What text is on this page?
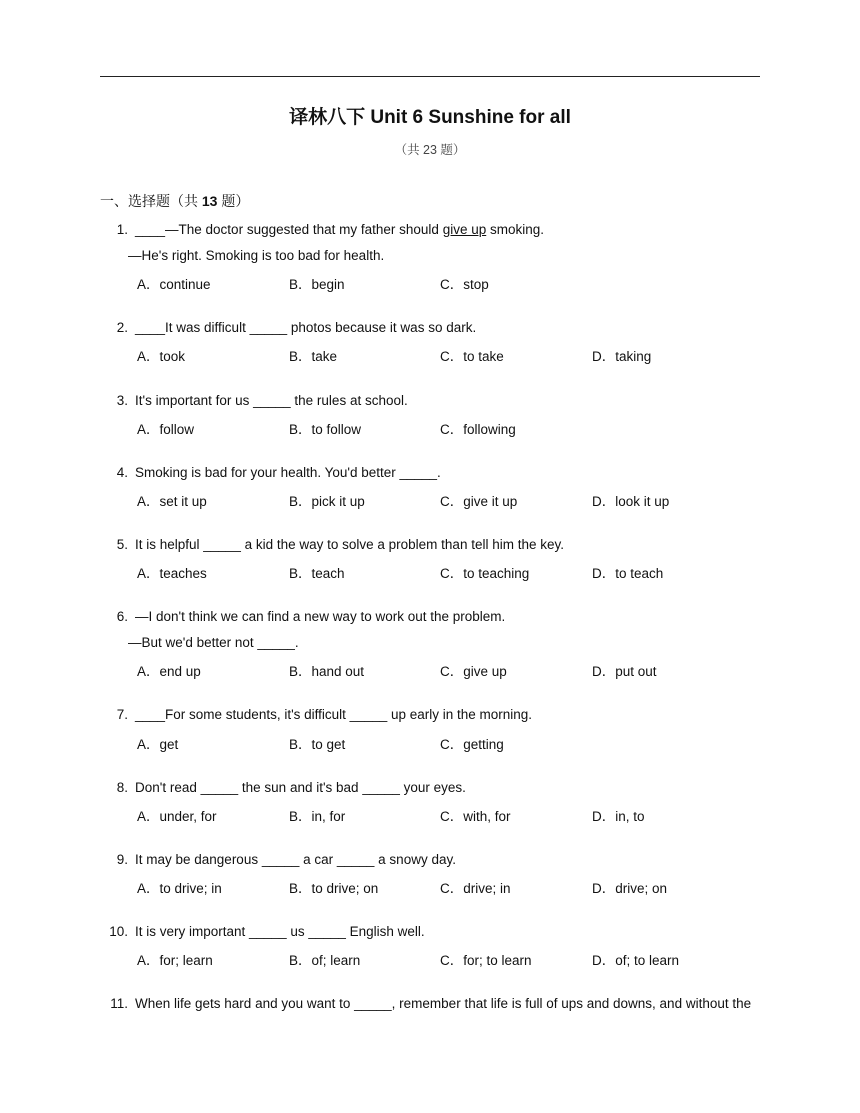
译林八下 Unit 6 Sunshine for all
（共 23 题）
一、选择题（共 13 题）
1. ____—The doctor suggested that my father should give up smoking.
—He's right. Smoking is too bad for health.
A．continue	B．begin	C．stop
2. ____It was difficult _____ photos because it was so dark.
A．took	B．take	C．to take	D．taking
3. It's important for us _____ the rules at school.
A．follow	B．to follow	C．following
4. Smoking is bad for your health. You'd better _____.
A．set it up	B．pick it up	C．give it up	D．look it up
5. It is helpful _____ a kid the way to solve a problem than tell him the key.
A．teaches	B．teach	C．to teaching	D．to teach
6. —I don't think we can find a new way to work out the problem.
—But we'd better not _____.
A．end up	B．hand out	C．give up	D．put out
7. ____For some students, it's difficult _____ up early in the morning.
A．get	B．to get	C．getting
8. Don't read _____ the sun and it's bad _____ your eyes.
A．under, for	B．in, for	C．with, for	D．in, to
9. It may be dangerous _____ a car _____ a snowy day.
A．to drive; in	B．to drive; on	C．drive; in	D．drive; on
10. It is very important _____ us _____ English well.
A．for; learn	B．of; learn	C．for; to learn	D．of; to learn
11. When life gets hard and you want to _____, remember that life is full of ups and downs, and without the
